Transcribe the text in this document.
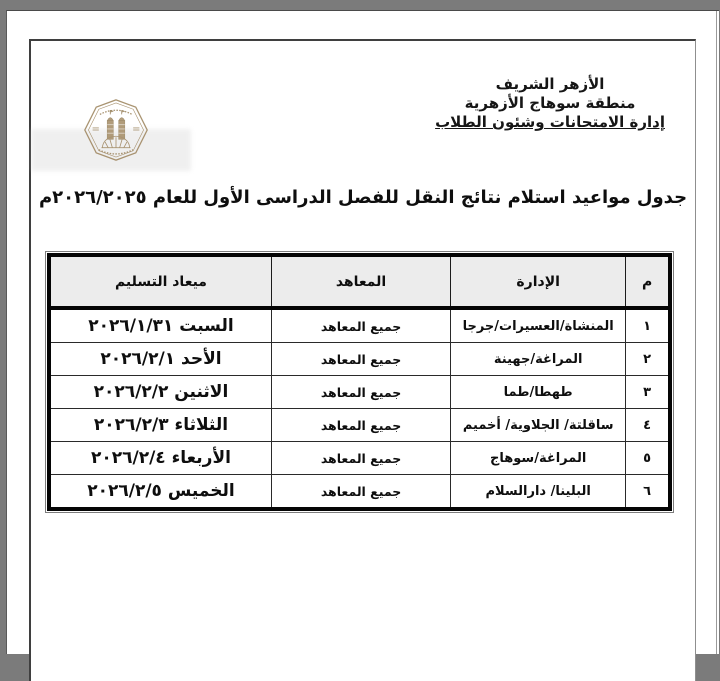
الأزهر الشريف
منطقة سوهاج الأزهرية
إدارة الامتحانات وشئون الطلاب
جدول مواعيد استلام نتائج النقل للفصل الدراسى الأول للعام ٢٠٢٦/٢٠٢٥م
م	الإدارة	المعاهد	ميعاد التسليم
١	المنشاة/العسيرات/جرجا	جميع المعاهد	السبت ٢٠٢٦/١/٣١
٢	المراغة/جهينة	جميع المعاهد	الأحد ٢٠٢٦/٢/١
٣	طهطا/طما	جميع المعاهد	الاثنين ٢٠٢٦/٢/٢
٤	ساقلتة/ الجلاوية/ أخميم	جميع المعاهد	الثلاثاء ٢٠٢٦/٢/٣
٥	المراغة/سوهاج	جميع المعاهد	الأربعاء ٢٠٢٦/٢/٤
٦	البلينا/ دارالسلام	جميع المعاهد	الخميس ٢٠٢٦/٢/٥
